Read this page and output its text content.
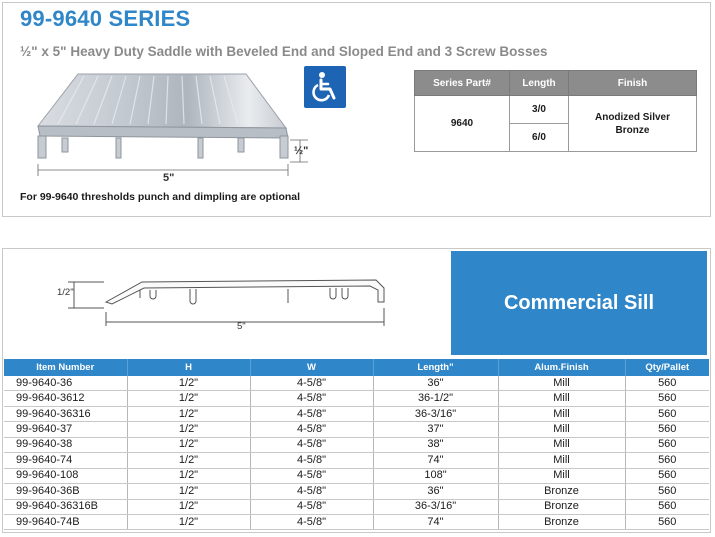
99-9640 SERIES
½" x 5" Heavy Duty Saddle with Beveled End and Sloped End and 3 Screw Bosses
½"
5"
For 99-9640 thresholds punch and dimpling are optional
Series Part#	Length	Finish
9640	3/0	Anodized Silver Bronze
	6/0	
1/2"
5"
Commercial Sill
Item Number	H	W	Length"	Alum.Finish	Qty/Pallet
99-9640-36	1/2"	4-5/8"	36"	Mill	560
99-9640-3612	1/2"	4-5/8"	36-1/2"	Mill	560
99-9640-36316	1/2"	4-5/8"	36-3/16"	Mill	560
99-9640-37	1/2"	4-5/8"	37"	Mill	560
99-9640-38	1/2"	4-5/8"	38"	Mill	560
99-9640-74	1/2"	4-5/8"	74"	Mill	560
99-9640-108	1/2"	4-5/8"	108"	Mill	560
99-9640-36B	1/2"	4-5/8"	36"	Bronze	560
99-9640-36316B	1/2"	4-5/8"	36-3/16"	Bronze	560
99-9640-74B	1/2"	4-5/8"	74"	Bronze	560
